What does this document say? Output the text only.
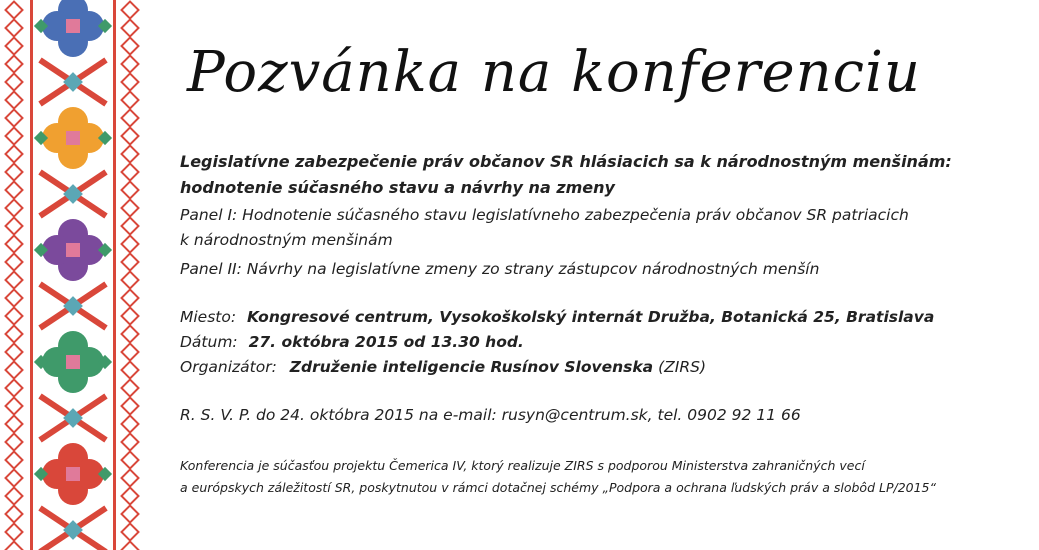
Pozvánka na konferenciu
Legislatívne zabezpečenie práv občanov SR hlásiacich sa k národnostným menšinám:
hodnotenie súčasného stavu a návrhy na zmeny
Panel I: Hodnotenie súčasného stavu legislatívneho zabezpečenia práv občanov SR patriacich
k národnostným menšinám
Panel II: Návrhy na legislatívne zmeny zo strany zástupcov národnostných menšín
Miesto: Kongresové centrum, Vysokoškolský internát Družba, Botanická 25, Bratislava
Dátum: 27. októbra 2015 od 13.30 hod.
Organizátor: Združenie inteligencie Rusínov Slovenska (ZIRS)
R. S. V. P. do 24. októbra 2015 na e-mail: rusyn@centrum.sk, tel. 0902 92 11 66
Konferencia je súčasťou projektu Čemerica IV, ktorý realizuje ZIRS s podporou Ministerstva zahraničných vecí
a európskych záležitostí SR, poskytnutou v rámci dotačnej schémy „Podpora a ochrana ľudských práv a slobôd LP/2015“
